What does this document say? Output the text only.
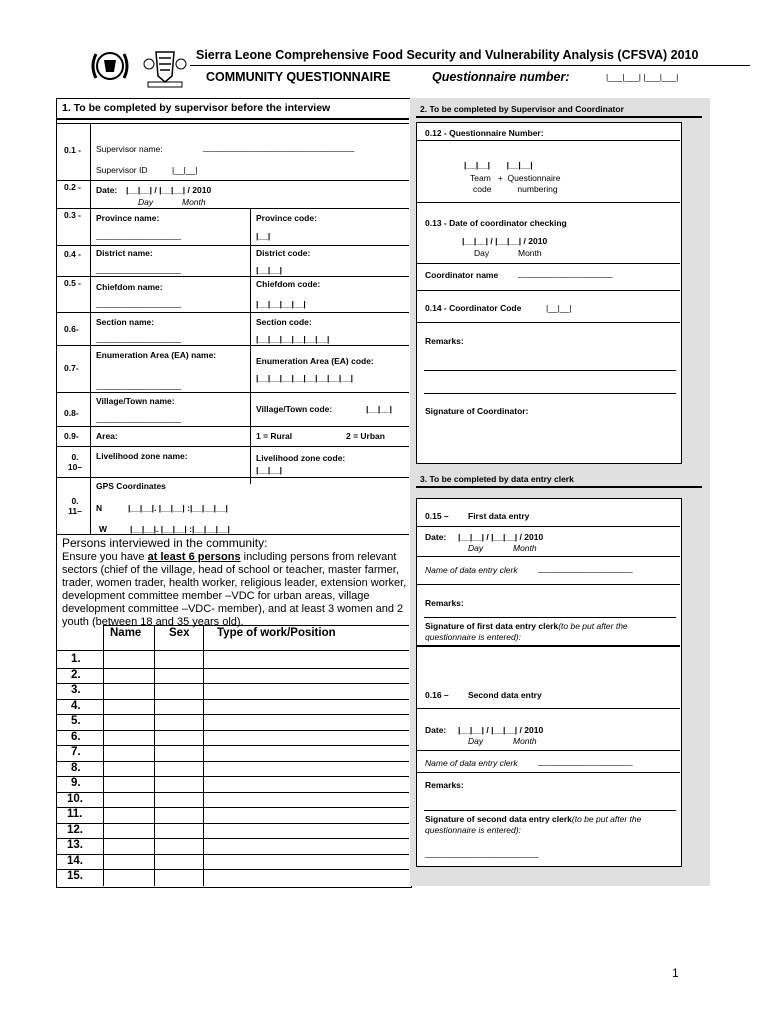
Sierra Leone Comprehensive Food Security and Vulnerability Analysis (CFSVA) 2010
COMMUNITY QUESTIONNAIRE	Questionnaire number:	|___|___| |___|___|
1. To be completed by supervisor before the interview
0.1 -	Supervisor name:	________________________________
Supervisor ID	|__|__|
0.2 -	Date: |__|__| / |__|__| / 2010
Day	Month
0.3 -	Province name:
__________________
Province code:
|__|
0.4 -	District name:
__________________
District code:
|__|__|
0.5 -	Chiefdom name:
__________________
Chiefdom code:
|__|__|__|__|
0.6-
Section name:
__________________
Section code:
|__|__|__|__|__|__|
0.7-
Enumeration Area (EA) name:
__________________
Enumeration Area (EA) code:
|__|__|__|__|__|__|__|__|
0.8-
Village/Town name:
__________________
Village/Town code:	|__|__|
0.9- Area:	1 = Rural	2 = Urban
0. 10–
Livelihood zone name:
__________________
Livelihood zone code:
|__|__|
0. 11–
GPS Coordinates
N	|__|__|. |__|__| :|__|__|__|
W	|__|__|. |__|__| :|__|__|__|
Persons interviewed in the community:
Ensure you have at least 6 persons including persons from relevant sectors (chief of the village, head of school or teacher, master farmer, trader, women trader, health worker, religious leader, extension worker, development committee member –VDC for urban areas, village development committee –VDC- member), and at least 3 women and 2 youth (between 18 and 35 years old).
Name Sex Type of work/Position
1.
2.
3.
4.
5.
6.
7.
8.
9.
10.
11.
12.
13.
14.
15.
2. To be completed by Supervisor and Coordinator
0.12 - Questionnaire Number:
|__|__|       |__|__|
Team   +  Questionnaire
code           numbering
0.13 - Date of coordinator checking
|__|__| / |__|__| / 2010
Day	Month
Coordinator name ____________________
0.14 - Coordinator Code	|__|__|
Remarks:
Signature of Coordinator:
3. To be completed by data entry clerk
0.15 – First data entry
Date: |__|__| / |__|__| / 2010
Day	Month
Name of data entry clerk ____________________
Remarks:
Signature of first data entry clerk(to be put after the questionnaire is entered):
0.16 – Second data entry
Date: |__|__| / |__|__| / 2010
Day	Month
Name of data entry clerk ____________________
Remarks:
Signature of second data entry clerk(to be put after the questionnaire is entered):
________________________
1
